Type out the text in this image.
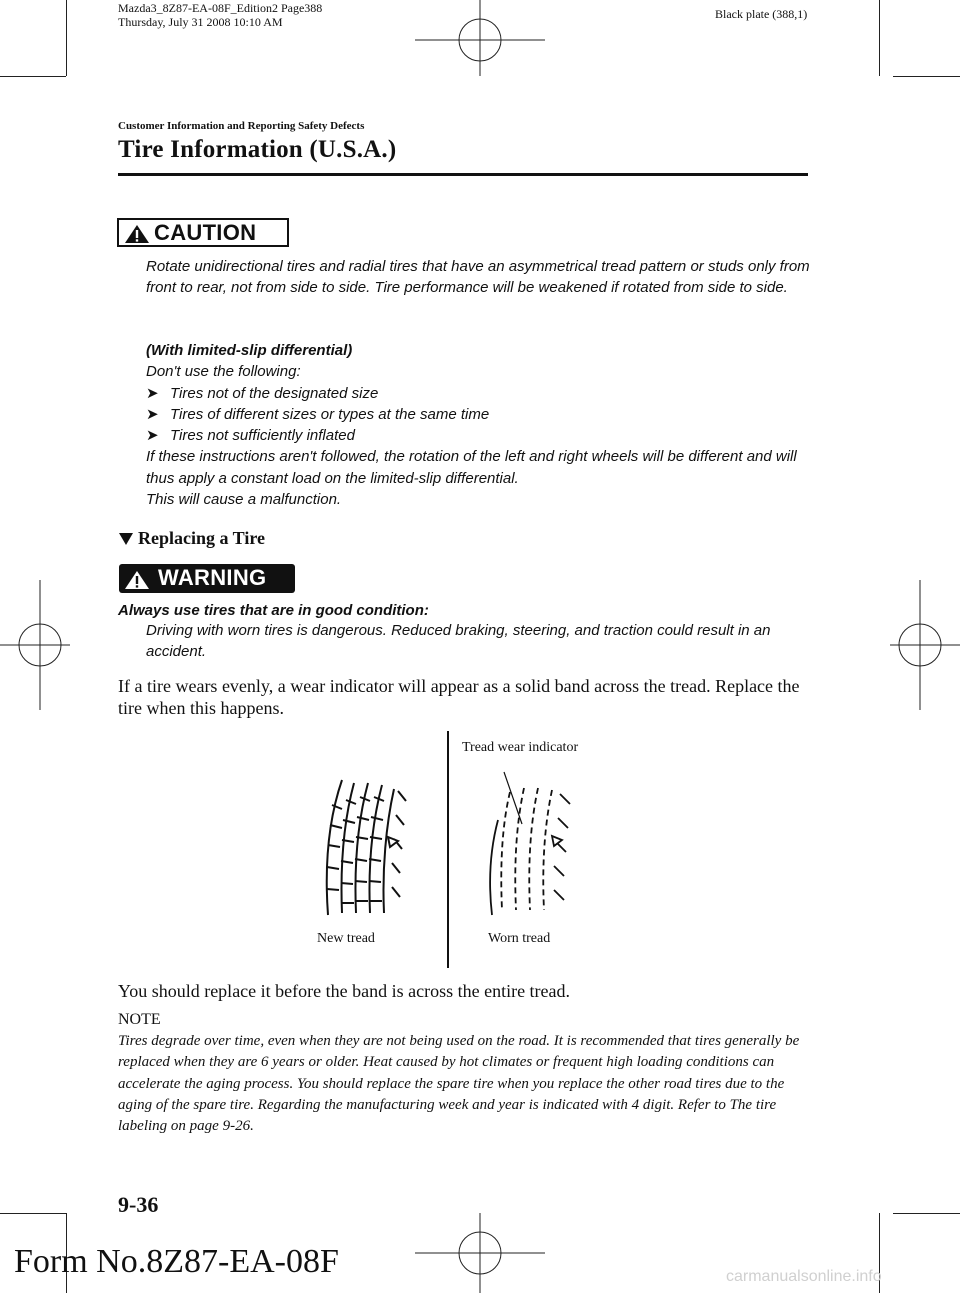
Mazda3_8Z87-EA-08F_Edition2 Page388
Thursday, July 31 2008 10:10 AM
Black plate (388,1)
Customer Information and Reporting Safety Defects
Tire Information (U.S.A.)
CAUTION
Rotate unidirectional tires and radial tires that have an asymmetrical tread pattern or studs only from front to rear, not from side to side. Tire performance will be weakened if rotated from side to side.
(With limited-slip differential)
Don't use the following:
➤ Tires not of the designated size
➤ Tires of different sizes or types at the same time
➤ Tires not sufficiently inflated
If these instructions aren't followed, the rotation of the left and right wheels will be different and will thus apply a constant load on the limited-slip differential.
This will cause a malfunction.
Replacing a Tire
WARNING
Always use tires that are in good condition:
Driving with worn tires is dangerous. Reduced braking, steering, and traction could result in an accident.
If a tire wears evenly, a wear indicator will appear as a solid band across the tread. Replace the tire when this happens.
Tread wear indicator
New tread	Worn tread
You should replace it before the band is across the entire tread.
NOTE
Tires degrade over time, even when they are not being used on the road. It is recommended that tires generally be replaced when they are 6 years or older. Heat caused by hot climates or frequent high loading conditions can accelerate the aging process. You should replace the spare tire when you replace the other road tires due to the aging of the spare tire. Regarding the manufacturing week and year is indicated with 4 digit. Refer to The tire labeling on page 9-26.
9-36
Form No.8Z87-EA-08F	carmanualsonline.info
